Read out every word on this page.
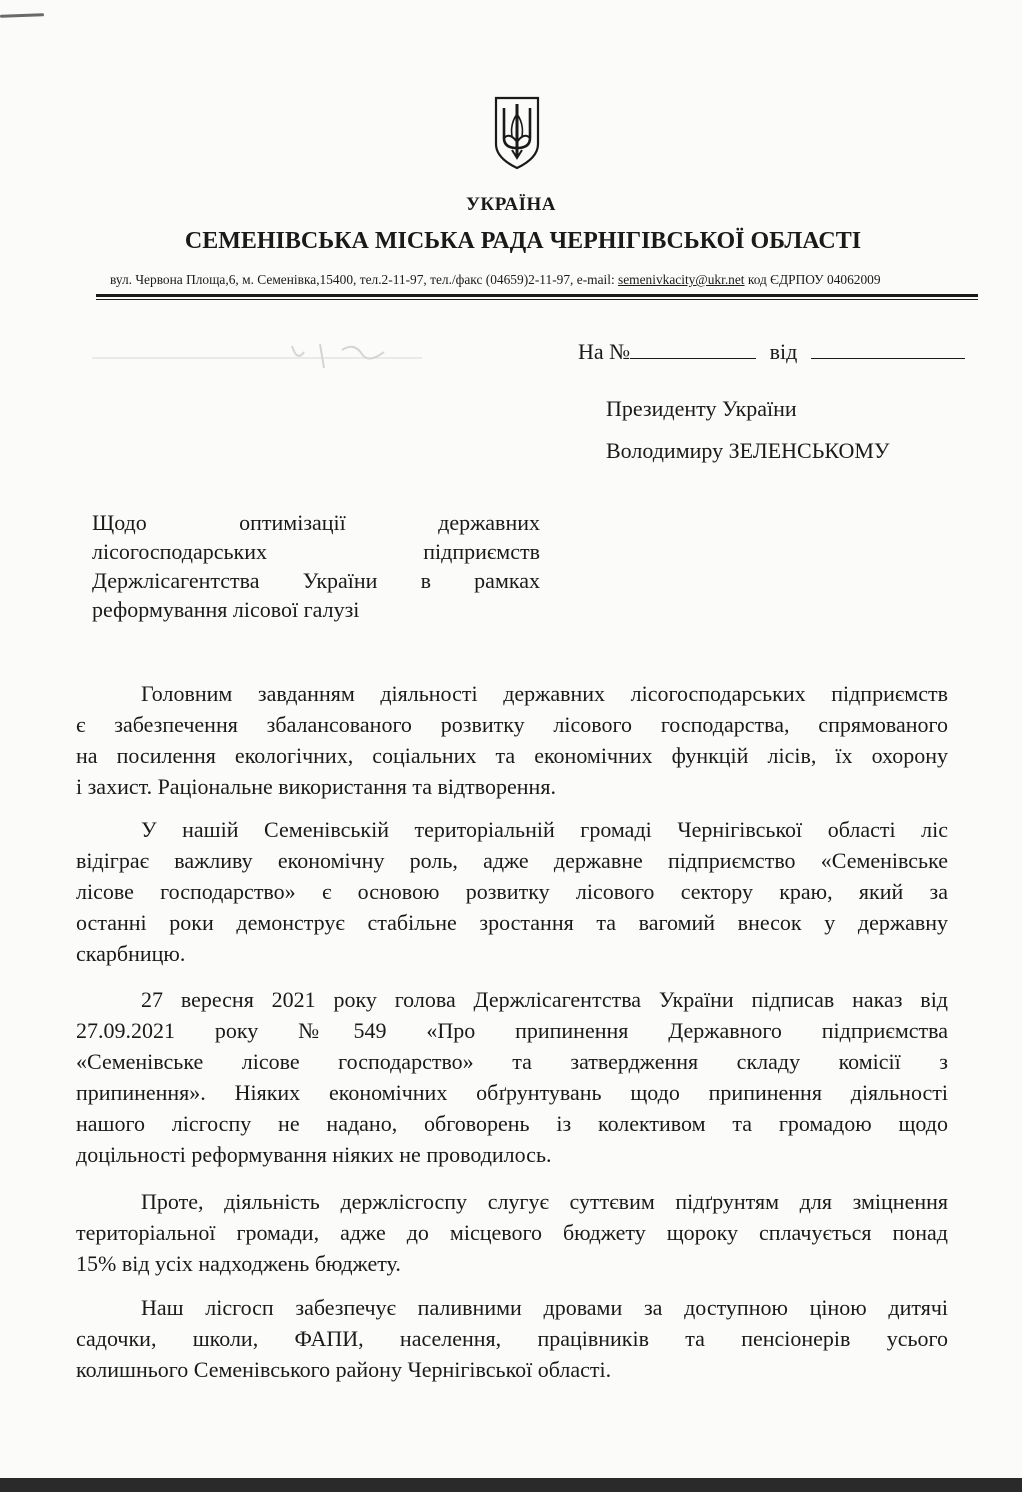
УКРАЇНА
СЕМЕНІВСЬКА МІСЬКА РАДА ЧЕРНІГІВСЬКОЇ ОБЛАСТІ
вул. Червона Площа,6, м. Семенівка,15400, тел.2-11-97, тел./факс (04659)2-11-97, e-mail: semenivkacity@ukr.net код ЄДРПОУ 04062009
На №	від
Президенту України
Володимиру ЗЕЛЕНСЬКОМУ
Щодо оптимізації державних
лісогосподарських підприємств
Держлісагентства України в рамках
реформування лісової галузі
Головним завданням діяльності державних лісогосподарських підприємств
є забезпечення збалансованого розвитку лісового господарства, спрямованого
на посилення екологічних, соціальних та економічних функцій лісів, їх охорону
і захист. Раціональне використання та відтворення.
У нашій Семенівській територіальній громаді Чернігівської області ліс
відіграє важливу економічну роль, адже державне підприємство «Семенівське
лісове господарство» є основою розвитку лісового сектору краю, який за
останні роки демонструє стабільне зростання та вагомий внесок у державну
скарбницю.
27 вересня 2021 року голова Держлісагентства України підписав наказ від
27.09.2021 року №549 «Про припинення Державного підприємства
«Семенівське лісове господарство» та затвердження складу комісії з
припинення». Ніяких економічних обґрунтувань щодо припинення діяльності
нашого лісгоспу не надано, обговорень із колективом та громадою щодо
доцільності реформування ніяких не проводилось.
Проте, діяльність держлісгоспу слугує суттєвим підґрунтям для зміцнення
територіальної громади, адже до місцевого бюджету щороку сплачується понад
15% від усіх надходжень бюджету.
Наш лісгосп забезпечує паливними дровами за доступною ціною дитячі
садочки, школи, ФАПИ, населення, працівників та пенсіонерів усього
колишнього Семенівського району Чернігівської області.
